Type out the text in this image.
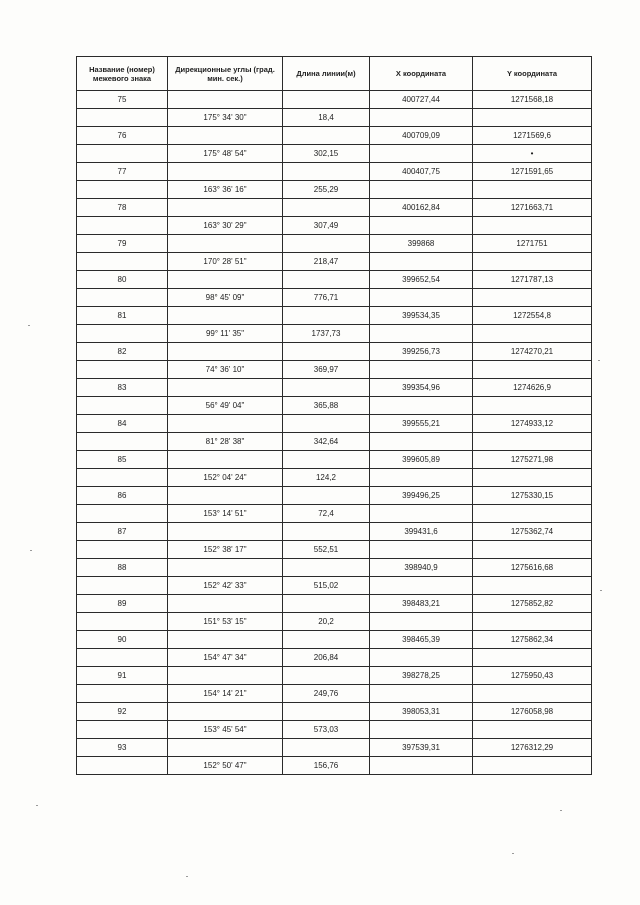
Название (номер) межевого знака	Дирекционные углы (град. мин. сек.)	Длина линии(м)	X координата	Y координата
75			400727,44	1271568,18
	175° 34' 30"	18,4		
76			400709,09	1271569,6
	175° 48' 54"	302,15		•
77			400407,75	1271591,65
	163° 36' 16"	255,29		
78			400162,84	1271663,71
	163° 30' 29"	307,49		
79			399868	1271751
	170° 28' 51"	218,47		
80			399652,54	1271787,13
	98° 45' 09"	776,71		
81			399534,35	1272554,8
	99° 11' 35"	1737,73		
82			399256,73	1274270,21
	74° 36' 10"	369,97		
83			399354,96	1274626,9
	56° 49' 04"	365,88		
84			399555,21	1274933,12
	81° 28' 38"	342,64		
85			399605,89	1275271,98
	152° 04' 24"	124,2		
86			399496,25	1275330,15
	153° 14' 51"	72,4		
87			399431,6	1275362,74
	152° 38' 17"	552,51		
88			398940,9	1275616,68
	152° 42' 33"	515,02		
89			398483,21	1275852,82
	151° 53' 15"	20,2		
90			398465,39	1275862,34
	154° 47' 34"	206,84		
91			398278,25	1275950,43
	154° 14' 21"	249,76		
92			398053,31	1276058,98
	153° 45' 54"	573,03		
93			397539,31	1276312,29
	152° 50' 47"	156,76		
